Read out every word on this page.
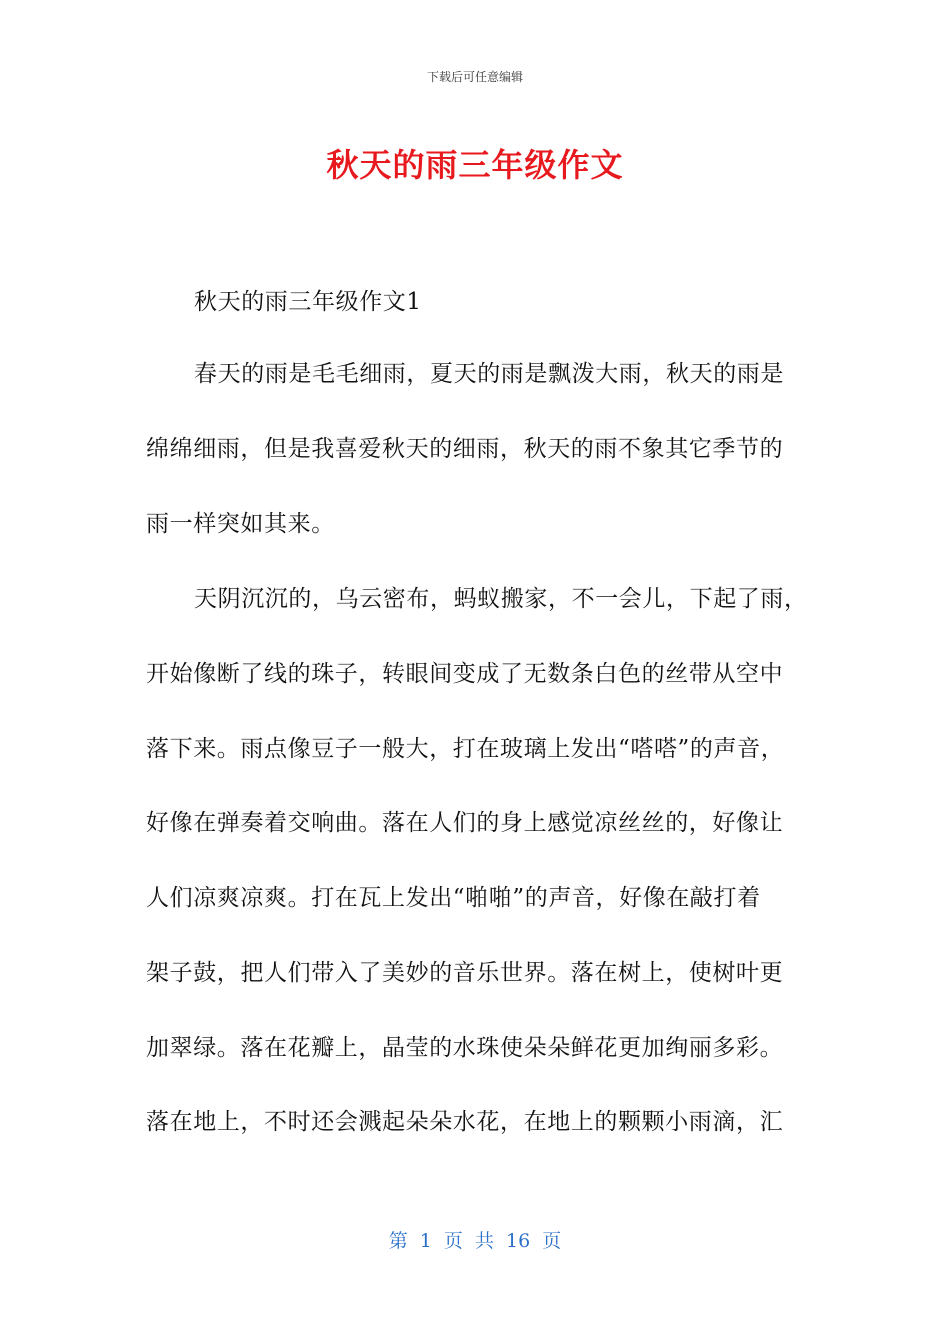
下载后可任意编辑
秋天的雨三年级作文
秋天的雨三年级作文1
春天的雨是毛毛细雨，夏天的雨是飘泼大雨，秋天的雨是
绵绵细雨，但是我喜爱秋天的细雨，秋天的雨不象其它季节的
雨一样突如其来。
天阴沉沉的，乌云密布，蚂蚁搬家，不一会儿，下起了雨，
开始像断了线的珠子，转眼间变成了无数条白色的丝带从空中
落下来。雨点像豆子一般大，打在玻璃上发出“嗒嗒”的声音，
好像在弹奏着交响曲。落在人们的身上感觉凉丝丝的，好像让
人们凉爽凉爽。打在瓦上发出“啪啪”的声音，好像在敲打着
架子鼓，把人们带入了美妙的音乐世界。落在树上，使树叶更
加翠绿。落在花瓣上，晶莹的水珠使朵朵鲜花更加绚丽多彩。
落在地上，不时还会溅起朵朵水花，在地上的颗颗小雨滴，汇
第 1 页 共 16 页
